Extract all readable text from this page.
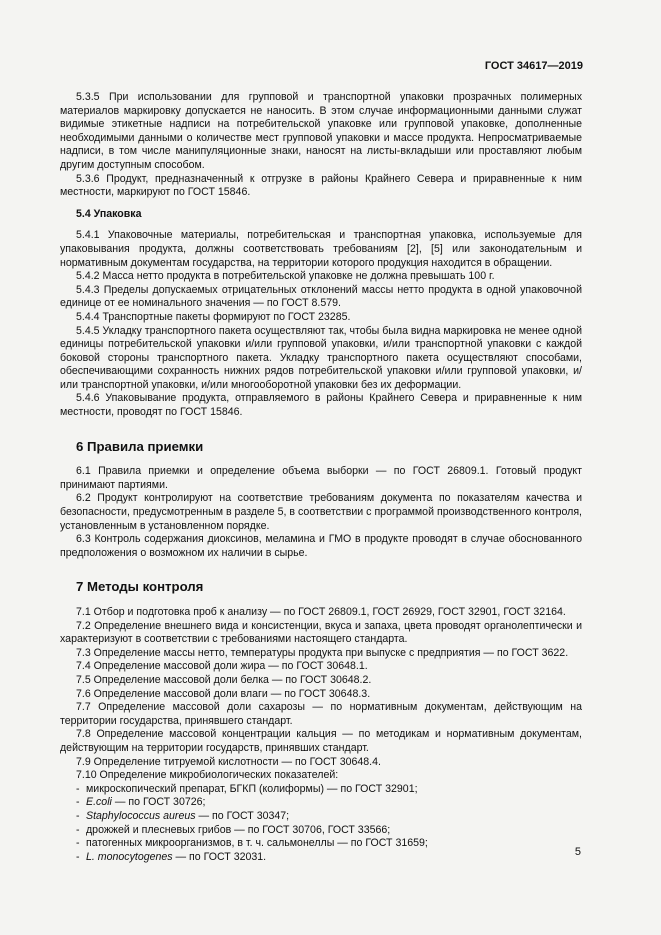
ГОСТ 34617—2019

5.3.5 При использовании для групповой и транспортной упаковки прозрачных полимерных материалов маркировку допускается не наносить. В этом случае информационными данными служат видимые этикетные надписи на потребительской упаковке или групповой упаковке, дополненные необходимыми данными о количестве мест групповой упаковки и массе продукта. Непросматриваемые надписи, в том числе манипуляционные знаки, наносят на листы-вкладыши или проставляют любым другим доступным способом.

5.3.6 Продукт, предназначенный к отгрузке в районы Крайнего Севера и приравненные к ним местности, маркируют по ГОСТ 15846.

5.4 Упаковка

5.4.1 Упаковочные материалы, потребительская и транспортная упаковка, используемые для упаковывания продукта, должны соответствовать требованиям [2], [5] или законодательным и нормативным документам государства, на территории которого продукция находится в обращении.

5.4.2 Масса нетто продукта в потребительской упаковке не должна превышать 100 г.

5.4.3 Пределы допускаемых отрицательных отклонений массы нетто продукта в одной упаковочной единице от ее номинального значения — по ГОСТ 8.579.

5.4.4 Транспортные пакеты формируют по ГОСТ 23285.

5.4.5 Укладку транспортного пакета осуществляют так, чтобы была видна маркировка не менее одной единицы потребительской упаковки и/или групповой упаковки, и/или транспортной упаковки с каждой боковой стороны транспортного пакета. Укладку транспортного пакета осуществляют способами, обеспечивающими сохранность нижних рядов потребительской упаковки и/или групповой упаковки, и/или транспортной упаковки, и/или многооборотной упаковки без их деформации.

5.4.6 Упаковывание продукта, отправляемого в районы Крайнего Севера и приравненные к ним местности, проводят по ГОСТ 15846.

6 Правила приемки

6.1 Правила приемки и определение объема выборки — по ГОСТ 26809.1. Готовый продукт принимают партиями.

6.2 Продукт контролируют на соответствие требованиям документа по показателям качества и безопасности, предусмотренным в разделе 5, в соответствии с программой производственного контроля, установленным в установленном порядке.

6.3 Контроль содержания диоксинов, меламина и ГМО в продукте проводят в случае обоснованного предположения о возможном их наличии в сырье.

7 Методы контроля

7.1 Отбор и подготовка проб к анализу — по ГОСТ 26809.1, ГОСТ 26929, ГОСТ 32901, ГОСТ 32164.

7.2 Определение внешнего вида и консистенции, вкуса и запаха, цвета проводят органолептически и характеризуют в соответствии с требованиями настоящего стандарта.

7.3 Определение массы нетто, температуры продукта при выпуске с предприятия — по ГОСТ 3622.

7.4 Определение массовой доли жира — по ГОСТ 30648.1.

7.5 Определение массовой доли белка — по ГОСТ 30648.2.

7.6 Определение массовой доли влаги — по ГОСТ 30648.3.

7.7 Определение массовой доли сахарозы — по нормативным документам, действующим на территории государства, принявшего стандарт.

7.8 Определение массовой концентрации кальция — по методикам и нормативным документам, действующим на территории государств, принявших стандарт.

7.9 Определение титруемой кислотности — по ГОСТ 30648.4.

7.10 Определение микробиологических показателей:

- микроскопический препарат, БГКП (колиформы) — по ГОСТ 32901;
- E.coli — по ГОСТ 30726;
- Staphylococcus aureus — по ГОСТ 30347;
- дрожжей и плесневых грибов — по ГОСТ 30706, ГОСТ 33566;
- патогенных микроорганизмов, в т. ч. сальмонеллы — по ГОСТ 31659;
- L. monocytogenes — по ГОСТ 32031.	5
